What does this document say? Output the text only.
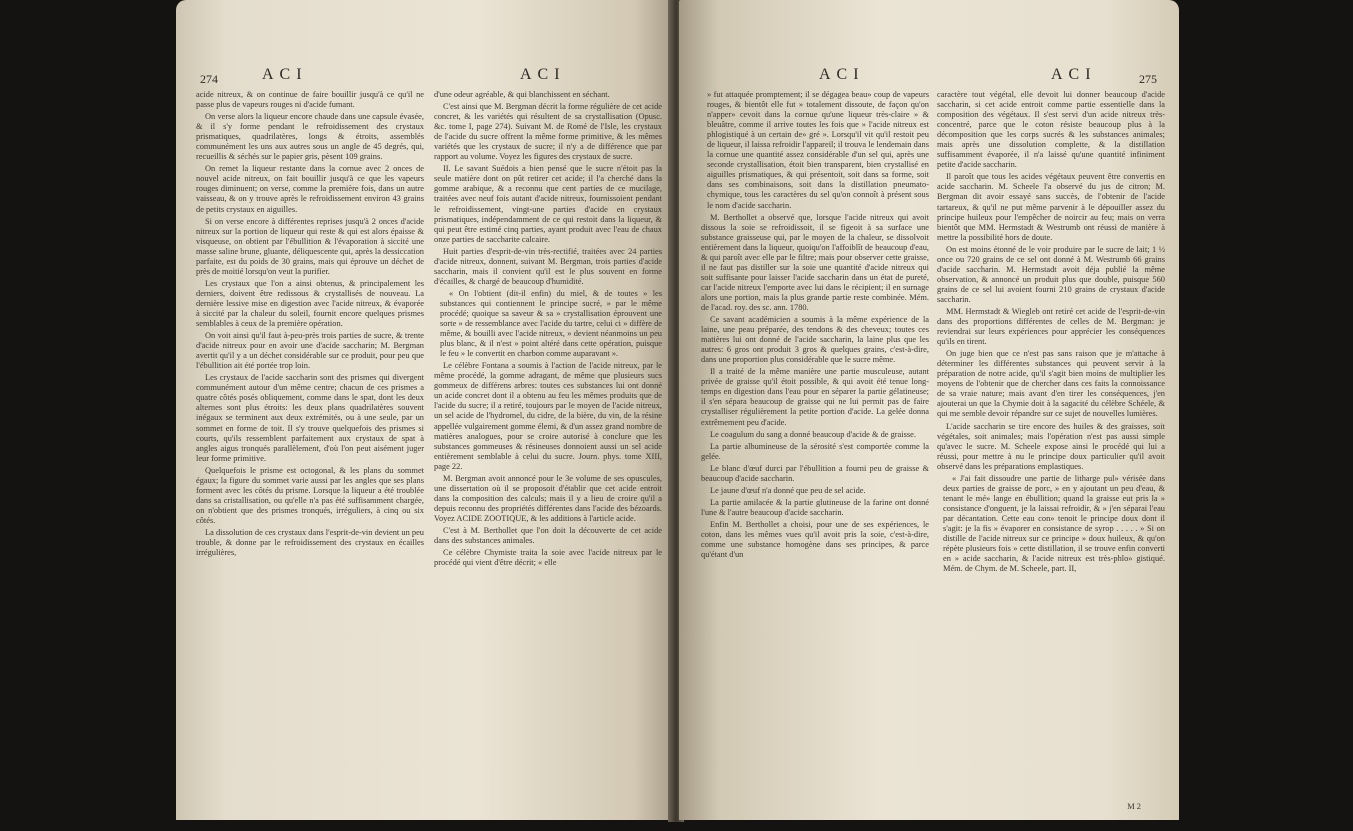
274	ACI	ACI

acide nitreux, & on continue de faire bouillir jusqu'à ce qu'il ne passe plus de vapeurs rouges ni d'acide fumant.

On verse alors la liqueur encore chaude dans une capsule évasée, & il s'y forme pendant le refroidissement des crystaux prismatiques, quadrilatères, longs & étroits, assemblés communément les uns aux autres sous un angle de 45 degrés, qui, recueillis & séchés sur le papier gris, pèsent 109 grains.

On remet la liqueur restante dans la cornue avec 2 onces de nouvel acide nitreux, on fait bouillir jusqu'à ce que les vapeurs rouges diminuent; on verse, comme la première fois, dans un autre vaisseau, & on y trouve après le refroidissement environ 43 grains de petits crystaux en aiguilles.

Si on verse encore à différentes reprises jusqu'à 2 onces d'acide nitreux sur la portion de liqueur qui reste & qui est alors épaisse & visqueuse, on obtient par l'ébullition & l'évaporation à siccité une masse saline brune, gluante, déliquescente qui, après la dessiccation parfaite, est du poids de 30 grains, mais qui éprouve un déchet de près de moitié lorsqu'on veut la purifier.

Les crystaux que l'on a ainsi obtenus, & principalement les derniers, doivent être redissous & crystallisés de nouveau. La dernière lessive mise en digestion avec l'acide nitreux, & évaporée à siccité par la chaleur du soleil, fournit encore quelques prismes semblables à ceux de la première opération.

On voit ainsi qu'il faut à-peu-près trois parties de sucre, & trente d'acide nitreux pour en avoir une d'acide saccharin; M. Bergman avertit qu'il y a un déchet considérable sur ce produit, pour peu que l'ébullition ait été portée trop loin.

Les crystaux de l'acide saccharin sont des prismes qui divergent communément autour d'un même centre; chacun de ces prismes a quatre côtés posés obliquement, comme dans le spat, dont les deux alternes sont plus étroits: les deux plans quadrilatères souvent inégaux se terminent aux deux extrémités, ou à une seule, par un sommet en forme de toit. Il s'y trouve quelquefois des prismes si courts, qu'ils ressemblent parfaitement aux crystaux de spat à angles aigus tronqués parallèlement, d'où l'on peut aisément juger leur forme primitive.

Quelquefois le prisme est octogonal, & les plans du sommet égaux; la figure du sommet varie aussi par les angles que ses plans forment avec les côtés du prisme. Lorsque la liqueur a été troublée dans sa cristallisation, ou qu'elle n'a pas été suffisamment chargée, on n'obtient que des prismes tronqués, irréguliers, à cinq ou six côtés.

La dissolution de ces crystaux dans l'esprit-de-vin devient un peu trouble, & donne par le refroidissement des crystaux en écailles irrégulières,

d'une odeur agréable, & qui blanchissent en séchant.

C'est ainsi que M. Bergman décrit la forme régulière de cet acide concret, & les variétés qui résultent de sa crystallisation (Opusc. &c. tome I, page 274). Suivant M. de Romé de l'Isle, les crystaux de l'acide du sucre offrent la même forme primitive, & les mêmes variétés que les crystaux de sucre; il n'y a de différence que par rapport au volume. Voyez les figures des crystaux de sucre.

II. Le savant Suédois a bien pensé que le sucre n'étoit pas la seule matière dont on pût retirer cet acide; il l'a cherché dans la gomme arabique, & a reconnu que cent parties de ce mucilage, traitées avec neuf fois autant d'acide nitreux, fournissoient pendant le refroidissement, vingt-une parties d'acide en crystaux prismatiques, indépendamment de ce qui restoit dans la liqueur, & qui peut être estimé cinq parties, ayant produit avec l'eau de chaux onze parties de saccharite calcaire.

Huit parties d'esprit-de-vin très-rectifié, traitées avec 24 parties d'acide nitreux, donnent, suivant M. Bergman, trois parties d'acide saccharin, mais il convient qu'il est le plus souvent en forme d'écailles, & chargé de beaucoup d'humidité.

« On l'obtient (dit-il enfin) du miel, & de toutes » les substances qui contiennent le principe sucré, » par le même procédé; quoique sa saveur & sa » crystallisation éprouvent une sorte » de ressemblance avec l'acide du tartre, celui ci » diffère de même, & bouilli avec l'acide nitreux, » devient néanmoins un peu plus blanc, & il n'est » point altéré dans cette opération, puisque le feu » le convertit en charbon comme auparavant ».

Le célèbre Fontana a soumis à l'action de l'acide nitreux, par le même procédé, la gomme adragant, de même que plusieurs sucs gommeux de différens arbres: toutes ces substances lui ont donné un acide concret dont il a obtenu au feu les mêmes produits que de l'acide du sucre; il a retiré, toujours par le moyen de l'acide nitreux, un sel acide de l'hydromel, du cidre, de la bière, du vin, de la résine appellée vulgairement gomme élemi, & d'un assez grand nombre de matières analogues, pour se croire autorisé à conclure que les substances gommeuses & résineuses donnoient aussi un sel acide entièrement semblable à celui du sucre. Journ. phys. tome XIII, page 22.

M. Bergman avoit annoncé pour le 3e volume de ses opuscules, une dissertation où il se proposoit d'établir que cet acide entroit dans la composition des calculs; mais il y a lieu de croire qu'il a depuis reconnu des propriétés différentes dans l'acide des bézoards. Voyez ACIDE ZOOTIQUE, & les additions à l'article acide.

C'est à M. Berthollet que l'on doit la découverte de cet acide dans des substances animales.

Ce célèbre Chymiste traita la soie avec l'acide nitreux par le procédé qui vient d'être décrit; « elle

ACI	ACI	275

» fut attaquée promptement; il se dégagea beau» coup de vapeurs rouges, & bientôt elle fut » totalement dissoute, de façon qu'on n'apper» cevoit dans la cornue qu'une liqueur très-claire » & bleuâtre, comme il arrive toutes les fois que » l'acide nitreux est phlogistiqué à un certain de» gré ». Lorsqu'il vit qu'il restoit peu de liqueur, il laissa refroidir l'appareil; il trouva le lendemain dans la cornue une quantité assez considérable d'un sel qui, après une seconde crystallisation, étoit bien transparent, bien crystallisé en aiguilles prismatiques, & qui présentoit, soit dans sa forme, soit dans ses combinaisons, soit dans la distillation pneumato-chymique, tous les caractères du sel qu'on connoît à présent sous le nom d'acide saccharin.

M. Berthollet a observé que, lorsque l'acide nitreux qui avoit dissous la soie se refroidissoit, il se figeoit à sa surface une substance graisseuse qui, par le moyen de la chaleur, se dissolvoit entièrement dans la liqueur, quoiqu'on l'affoiblît de beaucoup d'eau, & qui paroît avec elle par le filtre; mais pour observer cette graisse, il ne faut pas distiller sur la soie une quantité d'acide nitreux qui soit suffisante pour laisser l'acide saccharin dans un état de pureté, car l'acide nitreux l'emporte avec lui dans le récipient; il en surnage alors une portion, mais la plus grande partie reste combinée. Mém. de l'acad. roy. des sc. ann. 1780.

Ce savant académicien a soumis à la même expérience de la laine, une peau préparée, des tendons & des cheveux; toutes ces matières lui ont donné de l'acide saccharin, la laine plus que les autres: 6 gros ont produit 3 gros & quelques grains, c'est-à-dire, dans une proportion plus considérable que le sucre même.

Il a traité de la même manière une partie musculeuse, autant privée de graisse qu'il étoit possible, & qui avoit été tenue long-temps en digestion dans l'eau pour en séparer la partie gélatineuse; il s'en sépara beaucoup de graisse qui ne lui permit pas de faire crystalliser régulièrement la petite portion d'acide. La gelée donna extrêmement peu d'acide.

Le coagulum du sang a donné beaucoup d'acide & de graisse.

La partie albumineuse de la sérosité s'est comportée comme la gelée.

Le blanc d'œuf durci par l'ébullition a fourni peu de graisse & beaucoup d'acide saccharin.

Le jaune d'œuf n'a donné que peu de sel acide.

La partie amilacée & la partie glutineuse de la farine ont donné l'une & l'autre beaucoup d'acide saccharin.

Enfin M. Berthollet a choisi, pour une de ses expériences, le coton, dans les mêmes vues qu'il avoit pris la soie, c'est-à-dire, comme une substance homogène dans ses principes, & parce qu'étant d'un

caractère tout végétal, elle devoit lui donner beaucoup d'acide saccharin, si cet acide entroit comme partie essentielle dans la composition des végétaux. Il s'est servi d'un acide nitreux très-concentré, parce que le coton résiste beaucoup plus à la décomposition que les corps sucrés & les substances animales; mais après une dissolution complette, & la distillation suffisamment évaporée, il n'a laissé qu'une quantité infiniment petite d'acide saccharin.

Il paroît que tous les acides végétaux peuvent être convertis en acide saccharin. M. Scheele l'a observé du jus de citron; M. Bergman dit avoir essayé sans succès, de l'obtenir de l'acide tartareux, & qu'il ne put même parvenir à le dépouiller assez du principe huileux pour l'empêcher de noircir au feu; mais on verra bientôt que MM. Hermstadt & Westrumb ont réussi de manière à mettre la possibilité hors de doute.

On est moins étonné de le voir produire par le sucre de lait; 1 ½ once ou 720 grains de ce sel ont donné à M. Westrumb 66 grains d'acide saccharin. M. Hermstadt avoit déja publié la même observation, & annoncé un produit plus que double, puisque 560 grains de ce sel lui avoient fourni 210 grains de crystaux d'acide saccharin.

MM. Hermstadt & Wiegleb ont retiré cet acide de l'esprit-de-vin dans des proportions différentes de celles de M. Bergman: je reviendrai sur leurs expériences pour apprécier les conséquences qu'ils en tirent.

On juge bien que ce n'est pas sans raison que je m'attache à déterminer les différentes substances qui peuvent servir à la préparation de notre acide, qu'il s'agit bien moins de multiplier les moyens de l'obtenir que de chercher dans ces faits la connoissance de sa vraie nature; mais avant d'en tirer les conséquences, j'en ajouterai un que la Chymie doit à la sagacité du célèbre Schéele, & qui me semble devoir répandre sur ce sujet de nouvelles lumières.

L'acide saccharin se tire encore des huiles & des graisses, soit végétales, soit animales; mais l'opération n'est pas aussi simple qu'avec le sucre. M. Scheele expose ainsi le procédé qui lui a réussi, pour mettre à nu le principe doux particulier qu'il avoit observé dans les préparations emplastiques.

« J'ai fait dissoudre une partie de litharge pul» vérisée dans deux parties de graisse de porc, » en y ajoutant un peu d'eau, & tenant le mé» lange en ébullition; quand la graisse eut pris la » consistance d'onguent, je la laissai refroidir, & » j'en séparai l'eau par décantation. Cette eau con» tenoit le principe doux dont il s'agit: je la fis » évaporer en consistance de syrop . . . . . » Si on distille de l'acide nitreux sur ce principe » doux huileux, & qu'on répète plusieurs fois » cette distillation, il se trouve enfin converti en » acide saccharin, & l'acide nitreux est très-phlo» gistiqué. Mém. de Chym. de M. Scheele, part. II,

M 2
